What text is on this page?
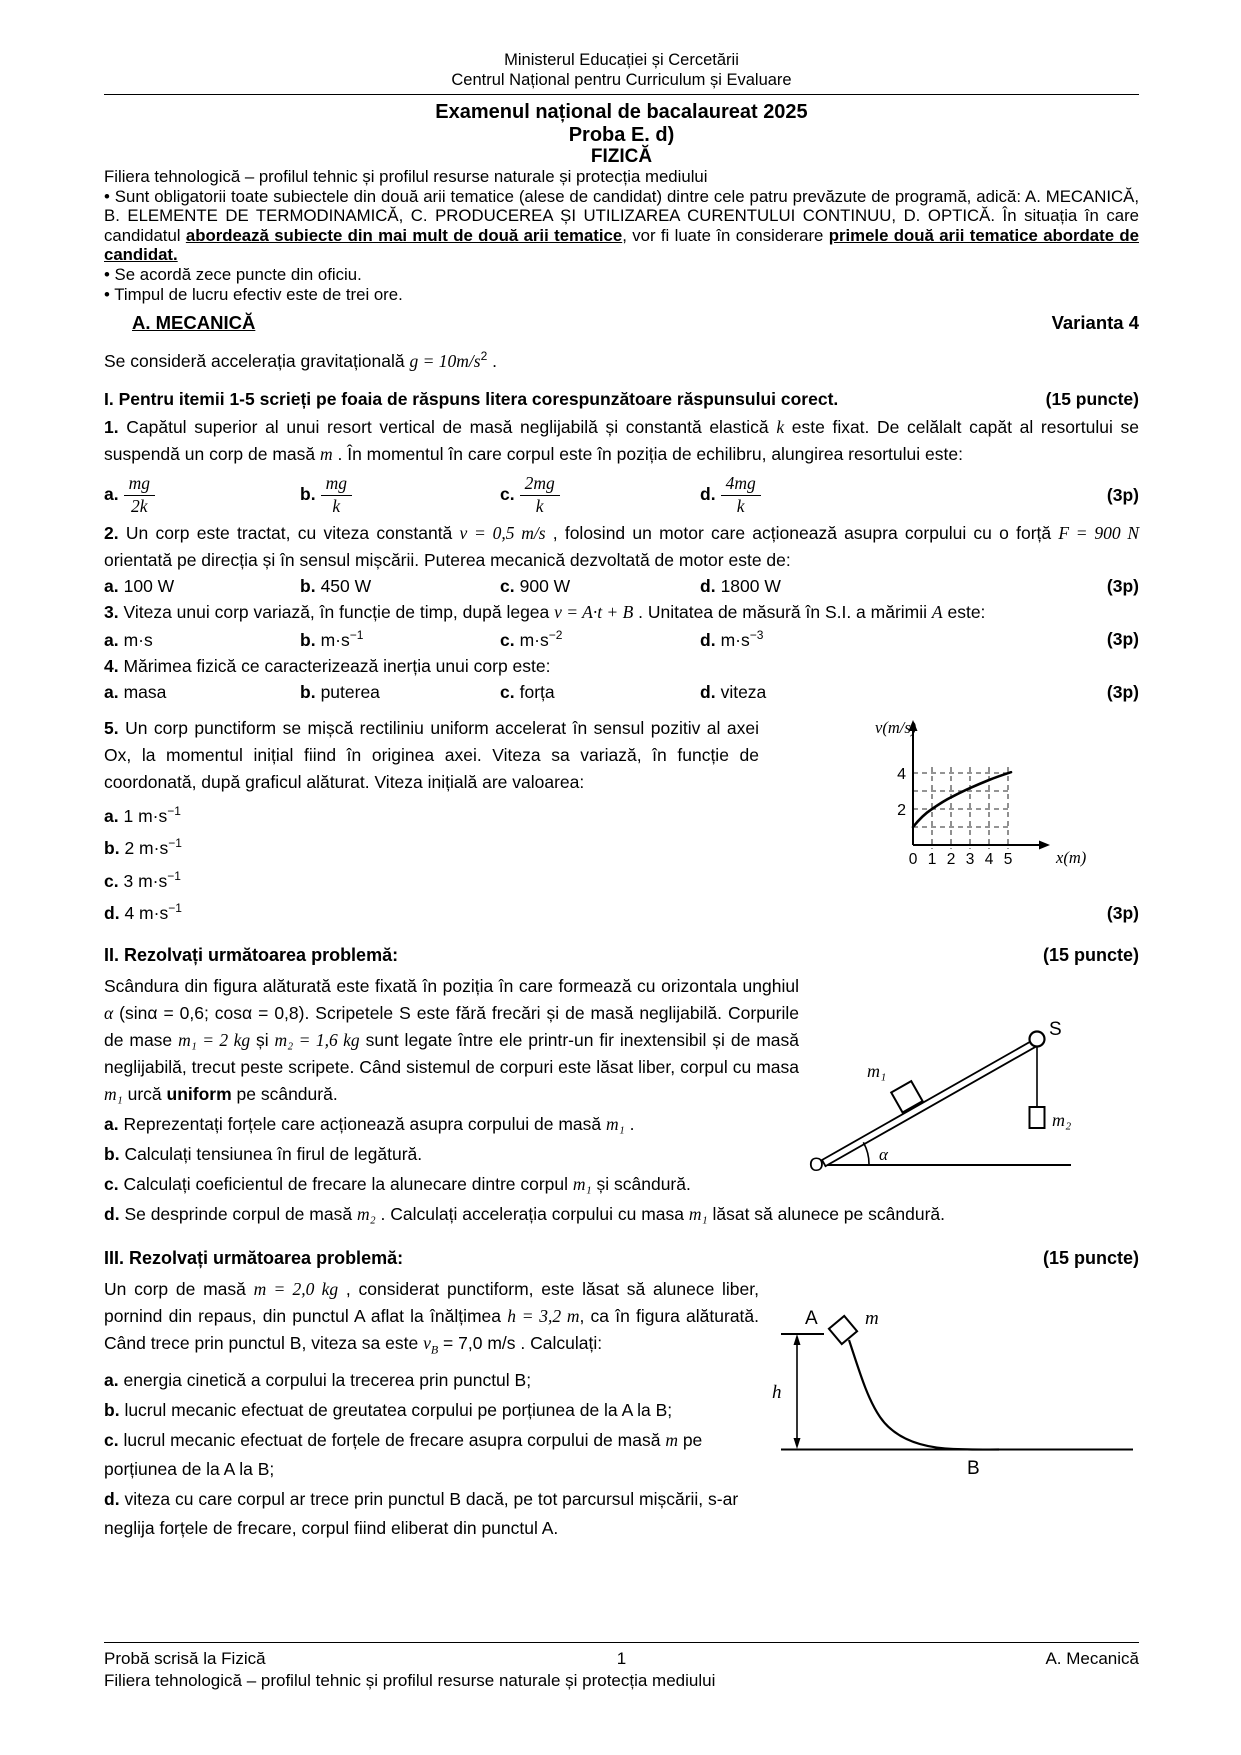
Ministerul Educației și Cercetării
Centrul Național pentru Curriculum și Evaluare
Examenul național de bacalaureat 2025
Proba E. d)
FIZICĂ

Filiera tehnologică – profilul tehnic și profilul resurse naturale și protecția mediului

• Sunt obligatorii toate subiectele din două arii tematice (alese de candidat) dintre cele patru prevăzute de programă, adică: A. MECANICĂ, B. ELEMENTE DE TERMODINAMICĂ, C. PRODUCEREA ȘI UTILIZAREA CURENTULUI CONTINUU, D. OPTICĂ. În situația în care candidatul abordează subiecte din mai mult de două arii tematice, vor fi luate în considerare primele două arii tematice abordate de candidat.

• Se acordă zece puncte din oficiu.

• Timpul de lucru efectiv este de trei ore.

A. MECANICĂ	Varianta 4

Se consideră accelerația gravitațională $g = 10m/s^2$ .

I. Pentru itemii 1-5 scrieți pe foaia de răspuns litera corespunzătoare răspunsului corect.	(15 puncte)

1. Capătul superior al unui resort vertical de masă neglijabilă și constantă elastică k este fixat. De celălalt capăt al resortului se suspendă un corp de masă m . În momentul în care corpul este în poziția de echilibru, alungirea resortului este:

a. $\frac{mg}{2k}$	b. $\frac{mg}{k}$	c. $\frac{2mg}{k}$	d. $\frac{4mg}{k}$	(3p)

2. Un corp este tractat, cu viteza constantă v = 0,5 m/s , folosind un motor care acționează asupra corpului cu o forță F = 900 N orientată pe direcția și în sensul mișcării. Puterea mecanică dezvoltată de motor este de:

a. 100 W	b. 450 W	c. 900 W	d. 1800 W	(3p)

3. Viteza unui corp variază, în funcție de timp, după legea v = A·t + B . Unitatea de măsură în S.I. a mărimii A este:

a. m·s	b. $m\cdot s^{-1}$	c. $m\cdot s^{-2}$	d. $m\cdot s^{-3}$	(3p)

4. Mărimea fizică ce caracterizează inerția unui corp este:

a. masa	b. puterea	c. forța	d. viteza	(3p)

5. Un corp punctiform se mișcă rectiliniu uniform accelerat în sensul pozitiv al axei Ox, la momentul inițial fiind în originea axei. Viteza sa variază, în funcție de coordonată, după graficul alăturat. Viteza inițială are valoarea:

a. 1 $m\cdot s^{-1}$

b. 2 $m\cdot s^{-1}$

c. 3 $m\cdot s^{-1}$

v(m/s)
4
2
0 1 2 3 4 5	x(m)

d. 4 $m\cdot s^{-1}$	(3p)
II. Rezolvați următoarea problemă:	(15 puncte)
O
S
m₁
m₂
α

Scândura din figura alăturată este fixată în poziția în care formează cu orizontala unghiul α (sinα = 0,6; cosα = 0,8). Scripetele S este fără frecări și de masă neglijabilă. Corpurile de mase m₁ = 2 kg și m₂ = 1,6 kg sunt legate între ele printr-un fir inextensibil și de masă neglijabilă, trecut peste scripete. Când sistemul de corpuri este lăsat liber, corpul cu masa m₁ urcă uniform pe scândură.

a. Reprezentați forțele care acționează asupra corpului de masă m₁ .

b. Calculați tensiunea în firul de legătură.

c. Calculați coeficientul de frecare la alunecare dintre corpul m₁ și scândură.

d. Se desprinde corpul de masă m₂ . Calculați accelerația corpului cu masa m₁ lăsat să alunece pe scândură.

III. Rezolvați următoarea problemă:	(15 puncte)
A m
h
B

Un corp de masă m = 2,0 kg , considerat punctiform, este lăsat să alunece liber, pornind din repaus, din punctul A aflat la înălțimea h = 3,2 m, ca în figura alăturată. Când trece prin punctul B, viteza sa este $v_B = 7,0$ m/s . Calculați:

a. energia cinetică a corpului la trecerea prin punctul B;

b. lucrul mecanic efectuat de greutatea corpului pe porțiunea de la A la B;

c. lucrul mecanic efectuat de forțele de frecare asupra corpului de masă m pe porțiunea de la A la B;

d. viteza cu care corpul ar trece prin punctul B dacă, pe tot parcursul mișcării, s-ar neglija forțele de frecare, corpul fiind eliberat din punctul A.

Probă scrisă la Fizică	1	A. Mecanică
Filiera tehnologică – profilul tehnic și profilul resurse naturale și protecția mediului
